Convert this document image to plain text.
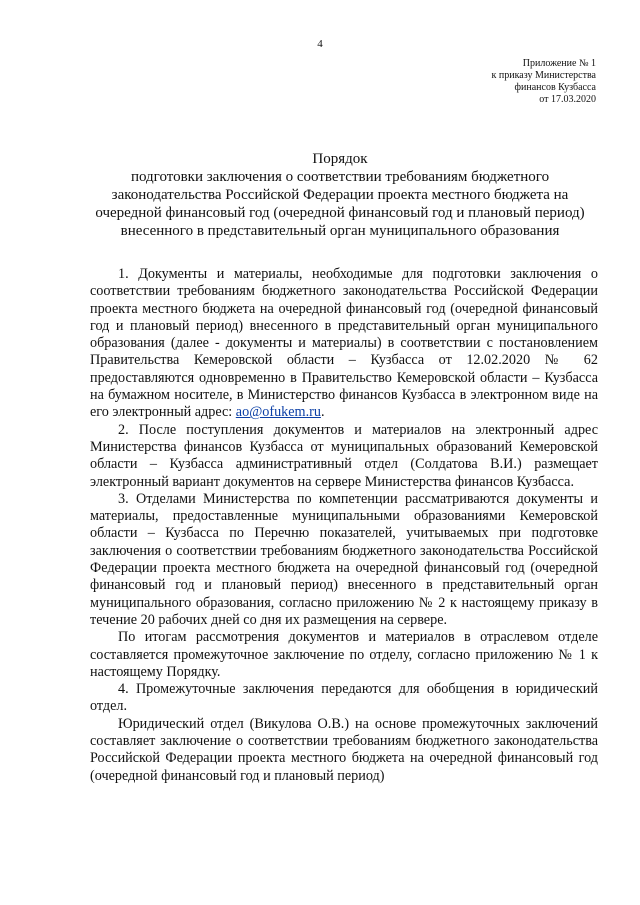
4
Приложение № 1
к приказу Министерства
финансов Кузбасса
от 17.03.2020
Порядок
подготовки заключения о соответствии требованиям бюджетного
законодательства Российской Федерации проекта местного бюджета на
очередной финансовый год (очередной финансовый год и плановый период)
внесенного в представительный орган муниципального образования

1. Документы и материалы, необходимые для подготовки заключения о соответствии требованиям бюджетного законодательства Российской Федерации проекта местного бюджета на очередной финансовый год (очередной финансовый год и плановый период) внесенного в представительный орган муниципального образования (далее - документы и материалы) в соответствии с постановлением Правительства Кемеровской области – Кузбасса от 12.02.2020 № 62 предоставляются одновременно в Правительство Кемеровской области – Кузбасса на бумажном носителе, в Министерство финансов Кузбасса в электронном виде на его электронный адрес: ao@ofukem.ru.

2. После поступления документов и материалов на электронный адрес Министерства финансов Кузбасса от муниципальных образований Кемеровской области – Кузбасса административный отдел (Солдатова В.И.) размещает электронный вариант документов на сервере Министерства финансов Кузбасса.

3. Отделами Министерства по компетенции рассматриваются документы и материалы, предоставленные муниципальными образованиями Кемеровской области – Кузбасса по Перечню показателей, учитываемых при подготовке заключения о соответствии требованиям бюджетного законодательства Российской Федерации проекта местного бюджета на очередной финансовый год (очередной финансовый год и плановый период) внесенного в представительный орган муниципального образования, согласно приложению № 2 к настоящему приказу в течение 20 рабочих дней со дня их размещения на сервере.

По итогам рассмотрения документов и материалов в отраслевом отделе составляется промежуточное заключение по отделу, согласно приложению № 1 к настоящему Порядку.

4. Промежуточные заключения передаются для обобщения в юридический отдел.

Юридический отдел (Викулова О.В.) на основе промежуточных заключений составляет заключение о соответствии требованиям бюджетного законодательства Российской Федерации проекта местного бюджета на очередной финансовый год (очередной финансовый год и плановый период)
